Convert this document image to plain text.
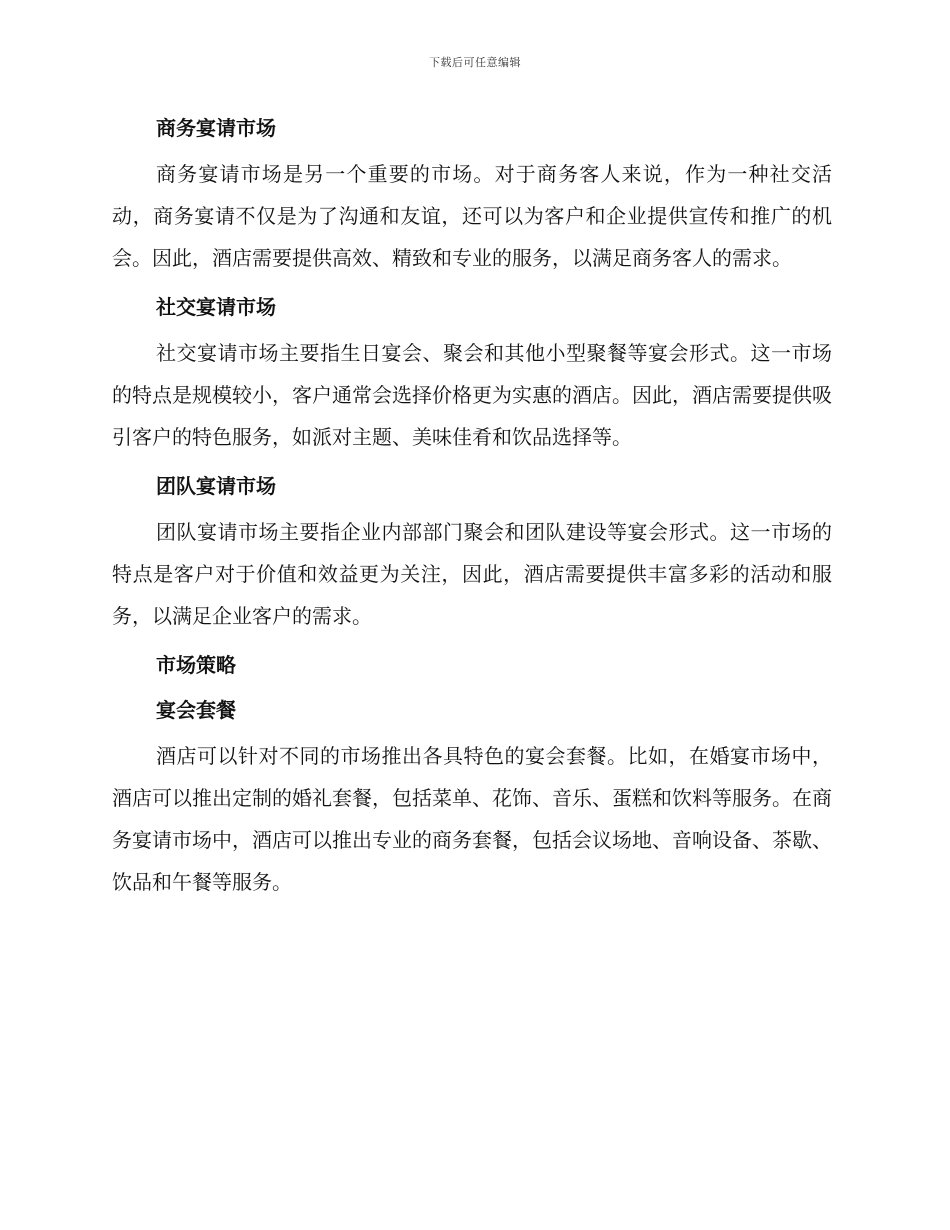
下载后可任意编辑
商务宴请市场

商务宴请市场是另一个重要的市场。对于商务客人来说，作为一种社交活动，商务宴请不仅是为了沟通和友谊，还可以为客户和企业提供宣传和推广的机会。因此，酒店需要提供高效、精致和专业的服务，以满足商务客人的需求。

社交宴请市场

社交宴请市场主要指生日宴会、聚会和其他小型聚餐等宴会形式。这一市场的特点是规模较小，客户通常会选择价格更为实惠的酒店。因此，酒店需要提供吸引客户的特色服务，如派对主题、美味佳肴和饮品选择等。

团队宴请市场

团队宴请市场主要指企业内部部门聚会和团队建设等宴会形式。这一市场的特点是客户对于价值和效益更为关注，因此，酒店需要提供丰富多彩的活动和服务，以满足企业客户的需求。

市场策略
宴会套餐

酒店可以针对不同的市场推出各具特色的宴会套餐。比如，在婚宴市场中，酒店可以推出定制的婚礼套餐，包括菜单、花饰、音乐、蛋糕和饮料等服务。在商务宴请市场中，酒店可以推出专业的商务套餐，包括会议场地、音响设备、茶歇、饮品和午餐等服务。
